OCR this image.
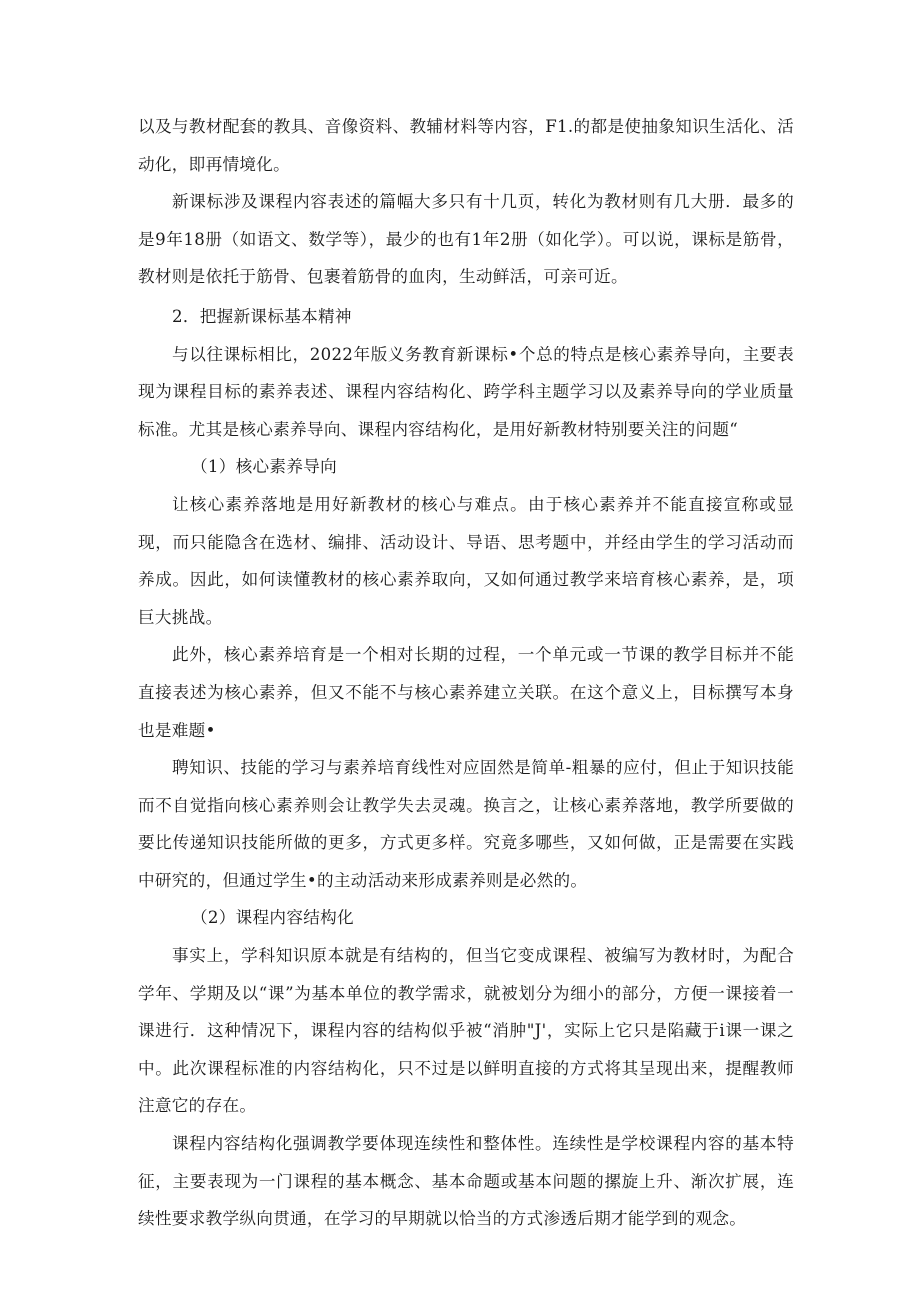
以及与教材配套的教具、音像资料、教辅材料等内容，F1.的都是使抽象知识生活化、活动化，即再情境化。

新课标涉及课程内容表述的篇幅大多只有十几页，转化为教材则有几大册．最多的是9年18册（如语文、数学等），最少的也有1年2册（如化学）。可以说，课标是筋骨，教材则是依托于筋骨、包裹着筋骨的血肉，生动鲜活，可亲可近。

2．把握新课标基本精神

与以往课标相比，2022年版义务教育新课标•个总的特点是核心素养导向，主要表现为课程目标的素养表述、课程内容结构化、跨学科主题学习以及素养导向的学业质量标准。尤其是核心素养导向、课程内容结构化，是用好新教材特别要关注的问题“

（1）核心素养导向

让核心素养落地是用好新教材的核心与难点。由于核心素养并不能直接宣称或显现，而只能隐含在选材、编排、活动设计、导语、思考题中，并经由学生的学习活动而养成。因此，如何读懂教材的核心素养取向，又如何通过教学来培育核心素养，是，项巨大挑战。

此外，核心素养培育是一个相对长期的过程，一个单元或一节课的教学目标并不能直接表述为核心素养，但又不能不与核心素养建立关联。在这个意义上，目标撰写本身也是难题•

聘知识、技能的学习与素养培育线性对应固然是简单-粗暴的应付，但止于知识技能而不自觉指向核心素养则会让教学失去灵魂。换言之，让核心素养落地，教学所要做的要比传递知识技能所做的更多，方式更多样。究竟多哪些，又如何做，正是需要在实践中研究的，但通过学生•的主动活动来形成素养则是必然的。

（2）课程内容结构化

事实上，学科知识原本就是有结构的，但当它变成课程、被编写为教材时，为配合学年、学期及以“课”为基本单位的教学需求，就被划分为细小的部分，方便一课接着一课进行．这种情况下，课程内容的结构似乎被“消肿"J'，实际上它只是陷藏于i课一课之中。此次课程标准的内容结构化，只不过是以鲜明直接的方式将其呈现出来，提醒教师注意它的存在。

课程内容结构化强调教学要体现连续性和整体性。连续性是学校课程内容的基本特征，主要表现为一门课程的基本概念、基本命题或基本问题的摞旋上升、渐次扩展，连续性要求教学纵向贯通，在学习的早期就以恰当的方式渗透后期才能学到的观念。
